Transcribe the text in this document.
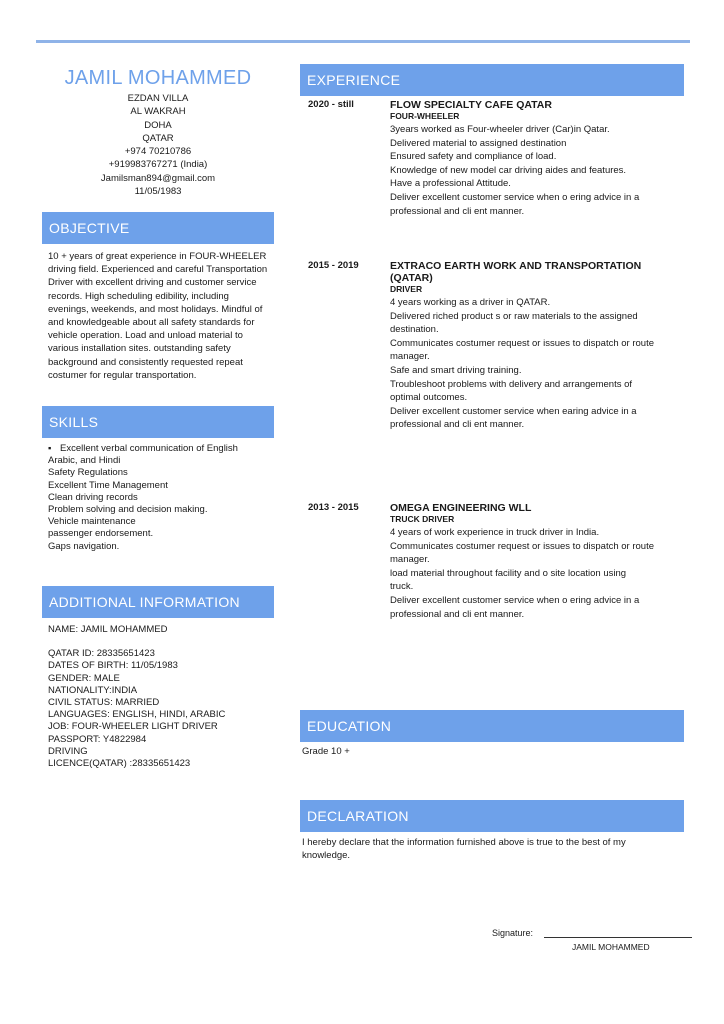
JAMIL MOHAMMED
EZDAN VILLA
AL WAKRAH
DOHA
QATAR
+974 70210786
+919983767271 (India)
Jamilsman894@gmail.com
11/05/1983
OBJECTIVE
10 + years of great experience in FOUR-WHEELER driving field. Experienced and careful Transportation Driver with excellent driving and customer service records. High scheduling edibility, including evenings, weekends, and most holidays. Mindful of and knowledgeable about all safety standards for vehicle operation. Load and unload material to various installation sites. outstanding safety background and consistently requested repeat costumer for regular transportation.
SKILLS
▪ Excellent verbal communication of English
Arabic, and Hindi
Safety Regulations
Excellent Time Management
Clean driving records
Problem solving and decision making.
Vehicle maintenance
passenger endorsement.
Gaps navigation.
ADDITIONAL INFORMATION
NAME: JAMIL MOHAMMED
QATAR ID: 28335651423
DATES OF BIRTH: 11/05/1983
GENDER: MALE
NATIONALITY:INDIA
CIVIL STATUS: MARRIED
LANGUAGES: ENGLISH, HINDI, ARABIC
JOB: FOUR-WHEELER LIGHT DRIVER
PASSPORT: Y4822984
DRIVING
LICENCE(QATAR) :28335651423
EXPERIENCE
2020 - still	FLOW SPECIALTY CAFE QATAR
FOUR-WHEELER
3years worked as Four-wheeler driver (Car)in Qatar.
Delivered material to assigned destination
Ensured safety and compliance of load.
Knowledge of new model car driving aides and features.
Have a professional Attitude.
Deliver excellent customer service when o ering advice in a
professional and cli ent manner.
2015 - 2019	EXTRACO EARTH WORK AND TRANSPORTATION (QATAR)
DRIVER
4 years working as a driver in QATAR.
Delivered riched product s or raw materials to the assigned
destination.
Communicates costumer request or issues to dispatch or route
manager.
Safe and smart driving training.
Troubleshoot problems with delivery and arrangements of
optimal outcomes.
Deliver excellent customer service when earing advice in a
professional and cli ent manner.
2013 - 2015	OMEGA ENGINEERING WLL
TRUCK DRIVER
4 years of work experience in truck driver in India.
Communicates costumer request or issues to dispatch or route
manager.
load material throughout facility and o site location using
truck.
Deliver excellent customer service when o ering advice in a
professional and cli ent manner.
EDUCATION
Grade 10 +
DECLARATION
I hereby declare that the information furnished above is true to the best of my knowledge.
Signature:
JAMIL MOHAMMED
